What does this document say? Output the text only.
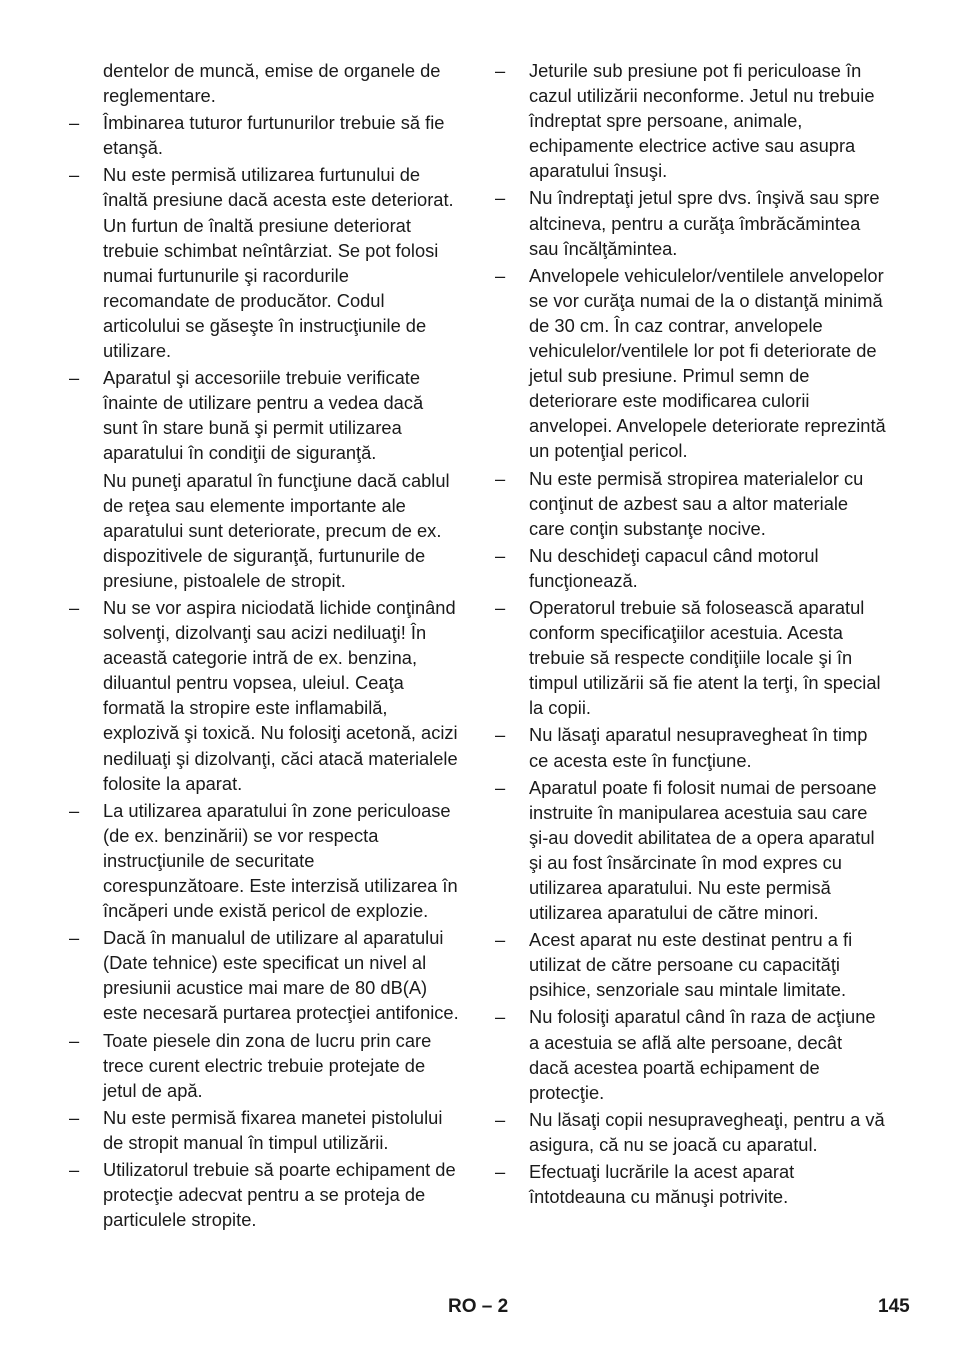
dentelor de muncă, emise de organele de reglementare.

– Îmbinarea tuturor furtunurilor trebuie să fie etanşă.

– Nu este permisă utilizarea furtunului de înaltă presiune dacă acesta este deteriorat. Un furtun de înaltă presiune deteriorat trebuie schimbat neîntârziat. Se pot folosi numai furtunurile şi racordurile recomandate de producător. Codul articolului se găseşte în instrucţiunile de utilizare.

– Aparatul şi accesoriile trebuie verificate înainte de utilizare pentru a vedea dacă sunt în stare bună şi permit utilizarea aparatului în condiţii de siguranţă.

Nu puneţi aparatul în funcţiune dacă cablul de reţea sau elemente importante ale aparatului sunt deteriorate, precum de ex. dispozitivele de siguranţă, furtunurile de presiune, pistoalele de stropit.

– Nu se vor aspira niciodată lichide conţinând solvenţi, dizolvanţi sau acizi nediluaţi! În această categorie intră de ex. benzina, diluantul pentru vopsea, uleiul. Ceaţa formată la stropire este inflamabilă, explozivă şi toxică. Nu folosiţi acetonă, acizi nediluaţi şi dizolvanţi, căci atacă materialele folosite la aparat.

– La utilizarea aparatului în zone periculoase (de ex. benzinării) se vor respecta instrucţiunile de securitate corespunzătoare. Este interzisă utilizarea în încăperi unde există pericol de explozie.

– Dacă în manualul de utilizare al aparatului (Date tehnice) este specificat un nivel al presiunii acustice mai mare de 80 dB(A) este necesară purtarea protecţiei antifonice.

– Toate piesele din zona de lucru prin care trece curent electric trebuie protejate de jetul de apă.

– Nu este permisă fixarea manetei pistolului de stropit manual în timpul utilizării.

– Utilizatorul trebuie să poarte echipament de protecţie adecvat pentru a se proteja de particulele stropite.

– Jeturile sub presiune pot fi periculoase în cazul utilizării neconforme. Jetul nu trebuie îndreptat spre persoane, animale, echipamente electrice active sau asupra aparatului însuşi.

– Nu îndreptaţi jetul spre dvs. înşivă sau spre altcineva, pentru a curăţa îmbrăcămintea sau încălţămintea.

– Anvelopele vehiculelor/ventilele anvelopelor se vor curăţa numai de la o distanţă minimă de 30 cm. În caz contrar, anvelopele vehiculelor/ventilele lor pot fi deteriorate de jetul sub presiune. Primul semn de deteriorare este modificarea culorii anvelopei. Anvelopele deteriorate reprezintă un potenţial pericol.

– Nu este permisă stropirea materialelor cu conţinut de azbest sau a altor materiale care conţin substanţe nocive.

– Nu deschideţi capacul când motorul funcţionează.

– Operatorul trebuie să folosească aparatul conform specificaţiilor acestuia. Acesta trebuie să respecte condiţiile locale şi în timpul utilizării să fie atent la terţi, în special la copii.

– Nu lăsaţi aparatul nesupravegheat în timp ce acesta este în funcţiune.

– Aparatul poate fi folosit numai de persoane instruite în manipularea acestuia sau care şi-au dovedit abilitatea de a opera aparatul şi au fost însărcinate în mod expres cu utilizarea aparatului. Nu este permisă utilizarea aparatului de către minori.

– Acest aparat nu este destinat pentru a fi utilizat de către persoane cu capacităţi psihice, senzoriale sau mintale limitate.

– Nu folosiţi aparatul când în raza de acţiune a acestuia se află alte persoane, decât dacă acestea poartă echipament de protecţie.

– Nu lăsaţi copii nesupravegheaţi, pentru a vă asigura, că nu se joacă cu aparatul.

– Efectuaţi lucrările la acest aparat întotdeauna cu mănuşi potrivite.

RO – 2	145
